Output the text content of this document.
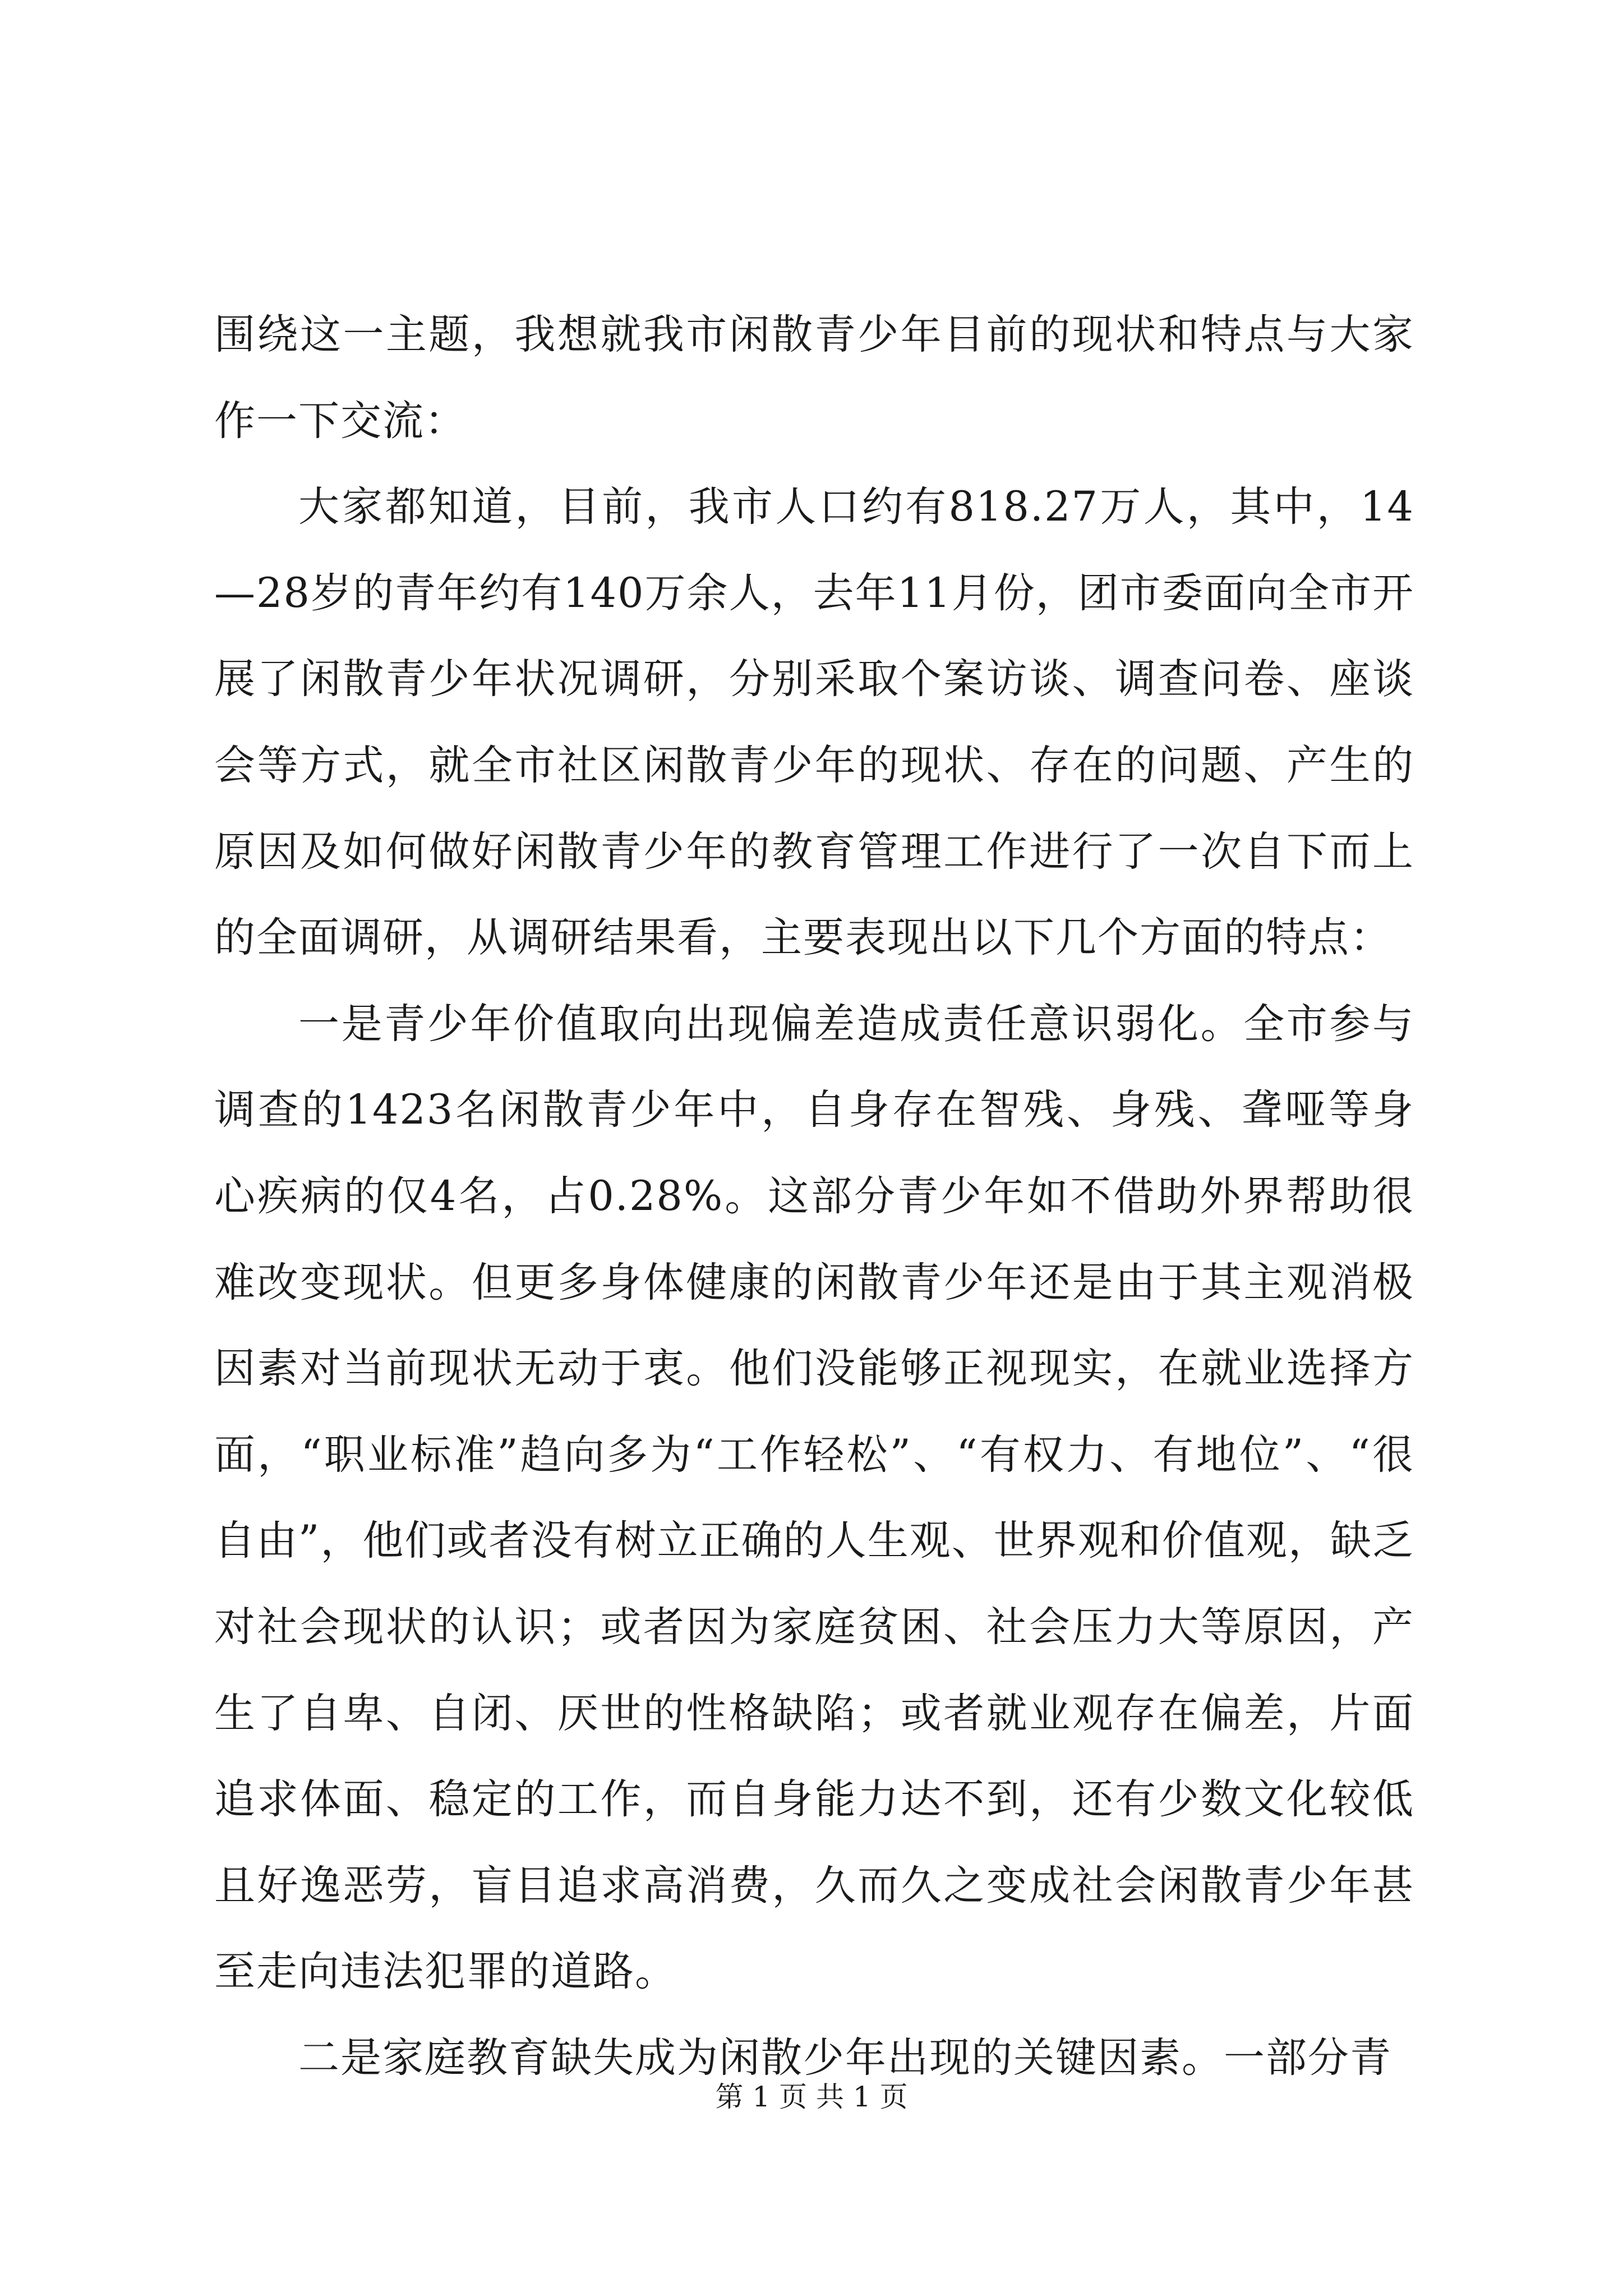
围绕这一主题，我想就我市闲散青少年目前的现状和特点与大家作一下交流：

大家都知道，目前，我市人口约有818.27万人，其中，14—28岁的青年约有140万余人，去年11月份，团市委面向全市开展了闲散青少年状况调研，分别采取个案访谈、调查问卷、座谈会等方式，就全市社区闲散青少年的现状、存在的问题、产生的原因及如何做好闲散青少年的教育管理工作进行了一次自下而上的全面调研，从调研结果看，主要表现出以下几个方面的特点：

一是青少年价值取向出现偏差造成责任意识弱化。全市参与调查的1423名闲散青少年中，自身存在智残、身残、聋哑等身心疾病的仅4名，占0.28%。这部分青少年如不借助外界帮助很难改变现状。但更多身体健康的闲散青少年还是由于其主观消极因素对当前现状无动于衷。他们没能够正视现实，在就业选择方面，“职业标准”趋向多为“工作轻松”、“有权力、有地位”、“很自由”，他们或者没有树立正确的人生观、世界观和价值观，缺乏对社会现状的认识；或者因为家庭贫困、社会压力大等原因，产生了自卑、自闭、厌世的性格缺陷；或者就业观存在偏差，片面追求体面、稳定的工作，而自身能力达不到，还有少数文化较低且好逸恶劳，盲目追求高消费，久而久之变成社会闲散青少年甚至走向违法犯罪的道路。

二是家庭教育缺失成为闲散少年出现的关键因素。一部分青

第 1 页 共 1 页
